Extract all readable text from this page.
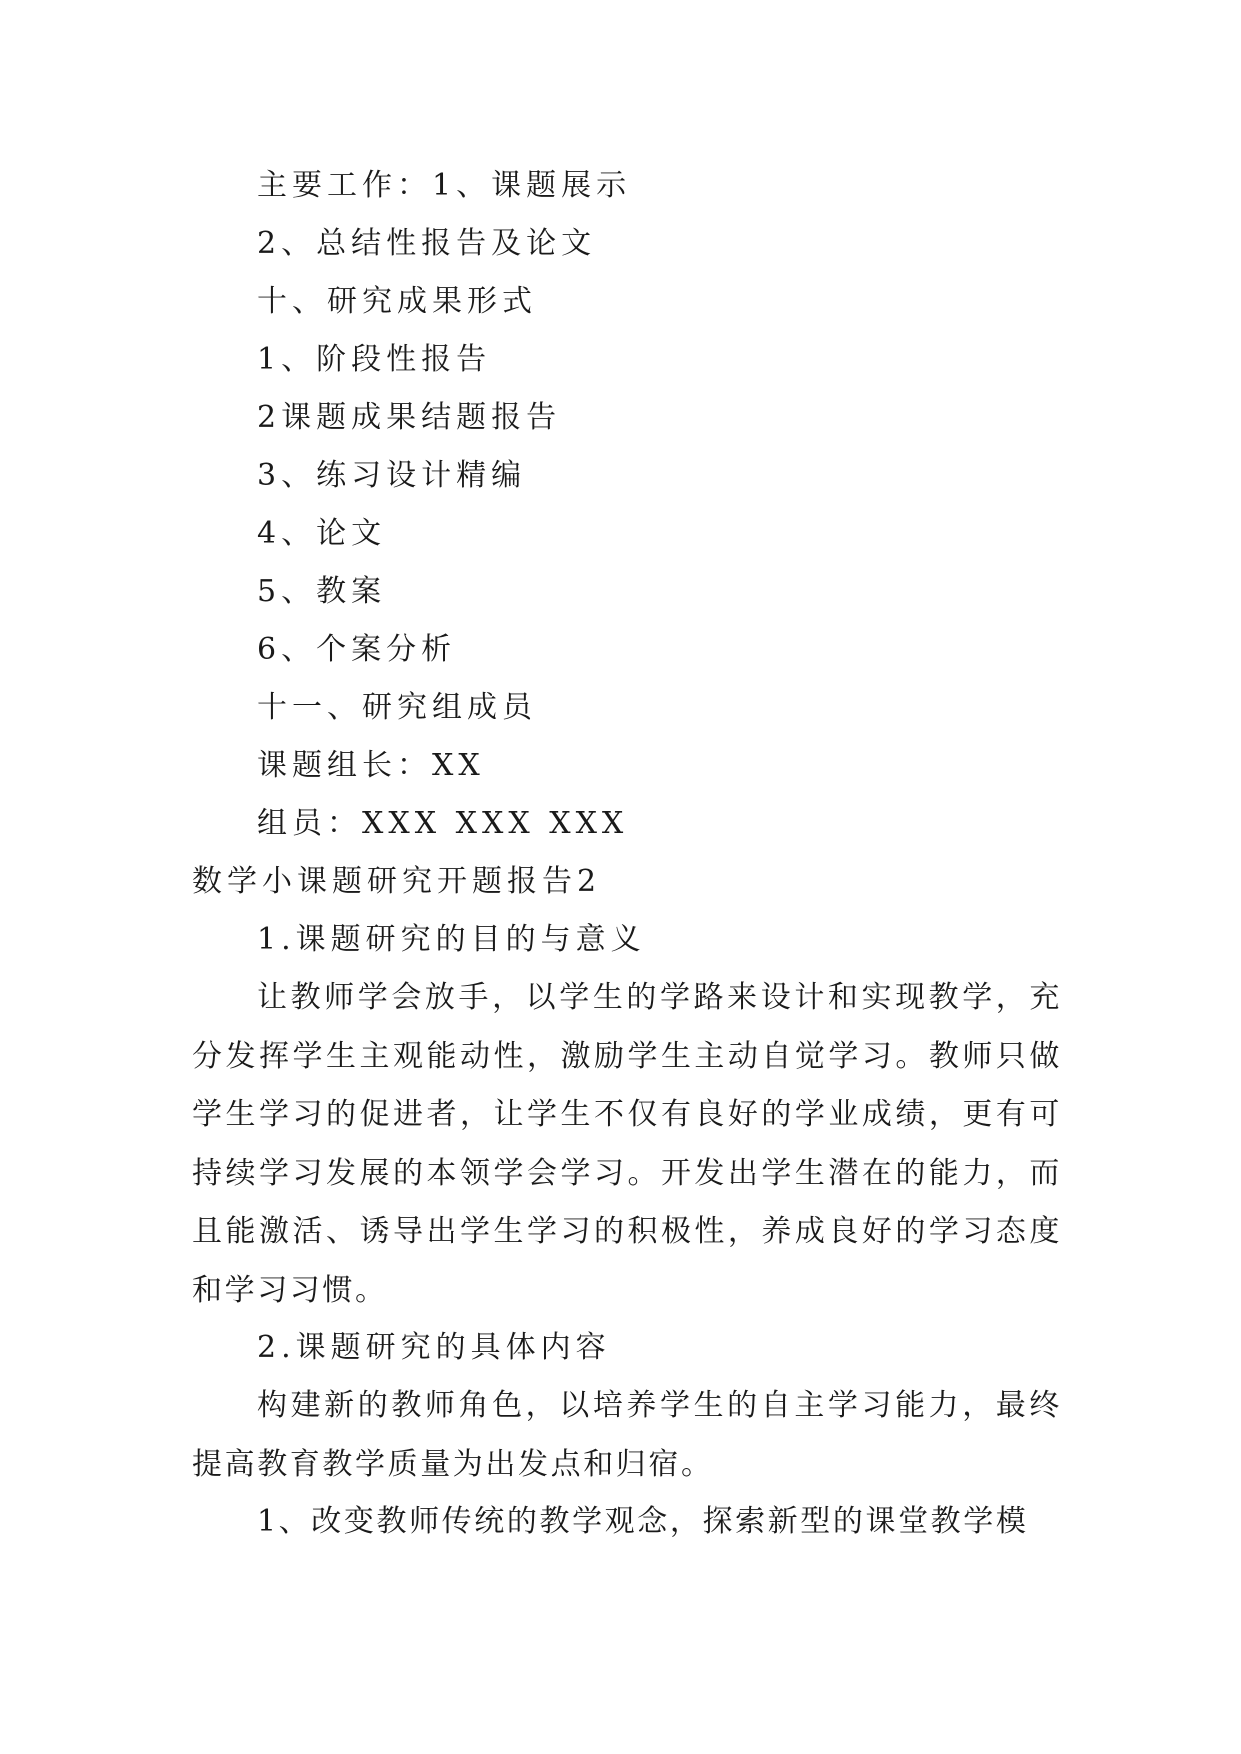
主要工作：1、课题展示
2、总结性报告及论文
十、研究成果形式
1、阶段性报告
2课题成果结题报告
3、练习设计精编
4、论文
5、教案
6、个案分析
十一、研究组成员
课题组长：XX
组员：XXX XXX XXX
数学小课题研究开题报告2
1.课题研究的目的与意义

让教师学会放手，以学生的学路来设计和实现教学，充分发挥学生主观能动性，激励学生主动自觉学习。教师只做学生学习的促进者，让学生不仅有良好的学业成绩，更有可持续学习发展的本领学会学习。开发出学生潜在的能力，而且能激活、诱导出学生学习的积极性，养成良好的学习态度和学习习惯。

2.课题研究的具体内容

构建新的教师角色，以培养学生的自主学习能力，最终提高教育教学质量为出发点和归宿。

1、改变教师传统的教学观念，探索新型的课堂教学模
